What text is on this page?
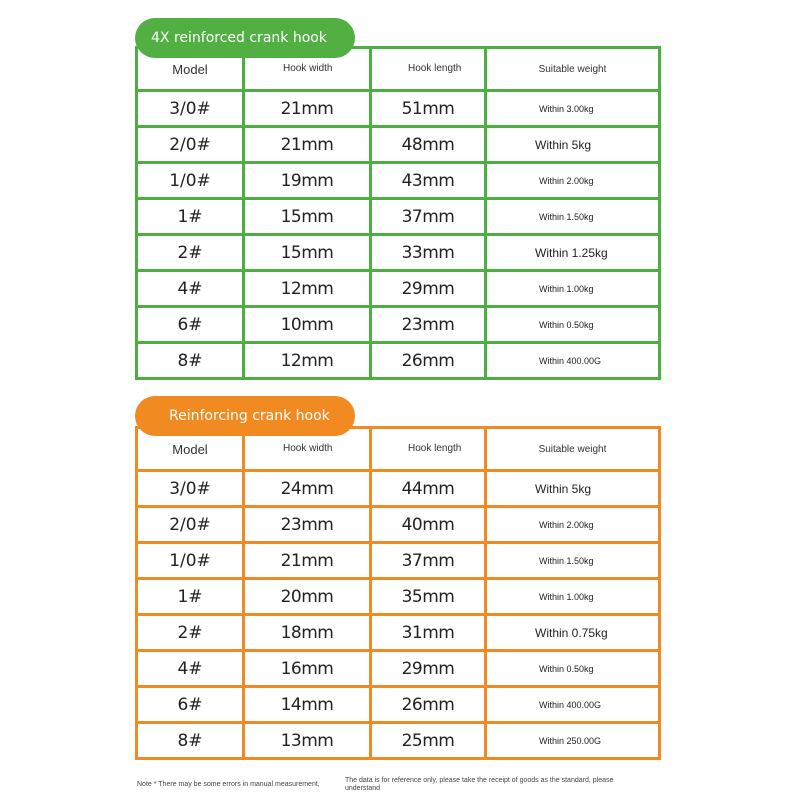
Model	Hook width	Hook length	Suitable weight
3/0#	21mm	51mm	Within 3.00kg
2/0#	21mm	48mm	Within 5kg
1/0#	19mm	43mm	Within 2.00kg
1#	15mm	37mm	Within 1.50kg
2#	15mm	33mm	Within 1.25kg
4#	12mm	29mm	Within 1.00kg
6#	10mm	23mm	Within 0.50kg
8#	12mm	26mm	Within 400.00G
4X reinforced crank hook
Model	Hook width	Hook length	Suitable weight
3/0#	24mm	44mm	Within 5kg
2/0#	23mm	40mm	Within 2.00kg
1/0#	21mm	37mm	Within 1.50kg
1#	20mm	35mm	Within 1.00kg
2#	18mm	31mm	Within 0.75kg
4#	16mm	29mm	Within 0.50kg
6#	14mm	26mm	Within 400.00G
8#	13mm	25mm	Within 250.00G
Reinforcing crank hook
Note * There may be some errors in manual measurement,
The data is for reference only, please take the receipt of goods as the standard, please understand
